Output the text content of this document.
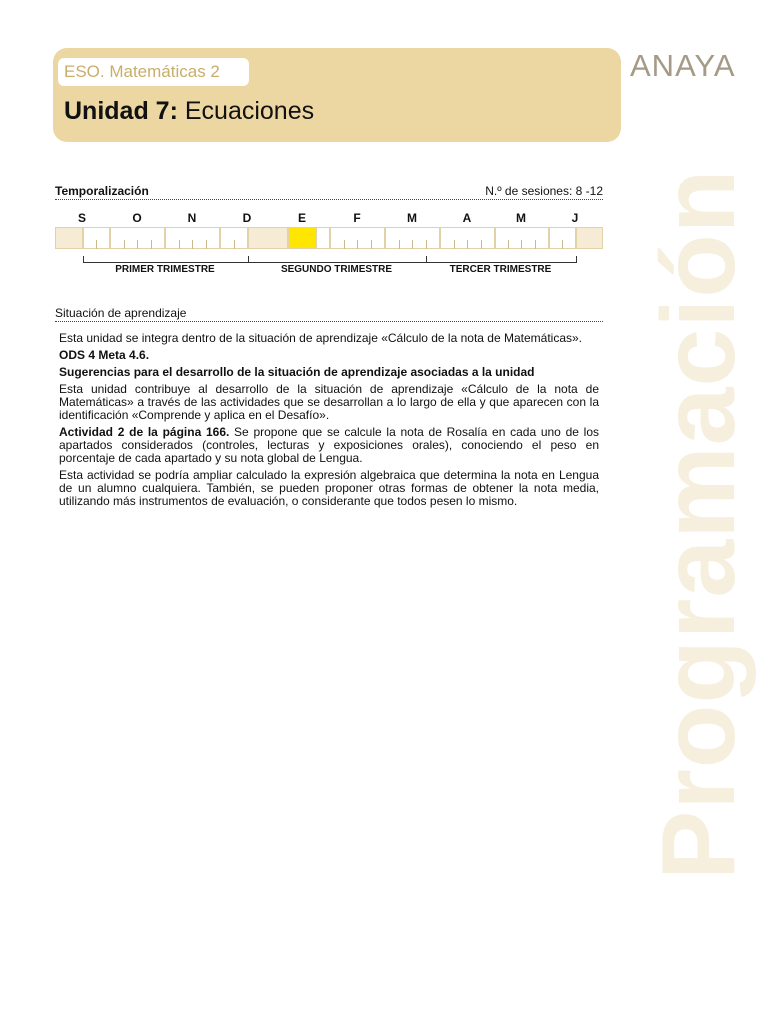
ESO. Matemáticas 2
Unidad 7: Ecuaciones
ANAYA
Programación
Temporalización	N.º de sesiones: 8 -12
S	O	N	D	E	F	M	A	M	J
PRIMER TRIMESTRE	SEGUNDO TRIMESTRE	TERCER TRIMESTRE
Situación de aprendizaje

Esta unidad se integra dentro de la situación de aprendizaje «Cálculo de la nota de Matemáticas».

ODS 4 Meta 4.6.

Sugerencias para el desarrollo de la situación de aprendizaje asociadas a la unidad

Esta unidad contribuye al desarrollo de la situación de aprendizaje «Cálculo de la nota de Matemáticas» a través de las actividades que se desarrollan a lo largo de ella y que aparecen con la identificación «Comprende y aplica en el Desafío».

Actividad 2 de la página 166. Se propone que se calcule la nota de Rosalía en cada uno de los apartados considerados (controles, lecturas y exposiciones orales), conociendo el peso en porcentaje de cada apartado y su nota global de Lengua.

Esta actividad se podría ampliar calculado la expresión algebraica que determina la nota en Lengua de un alumno cualquiera. También, se pueden proponer otras formas de obtener la nota media, utilizando más instrumentos de evaluación, o considerante que todos pesen lo mismo.
